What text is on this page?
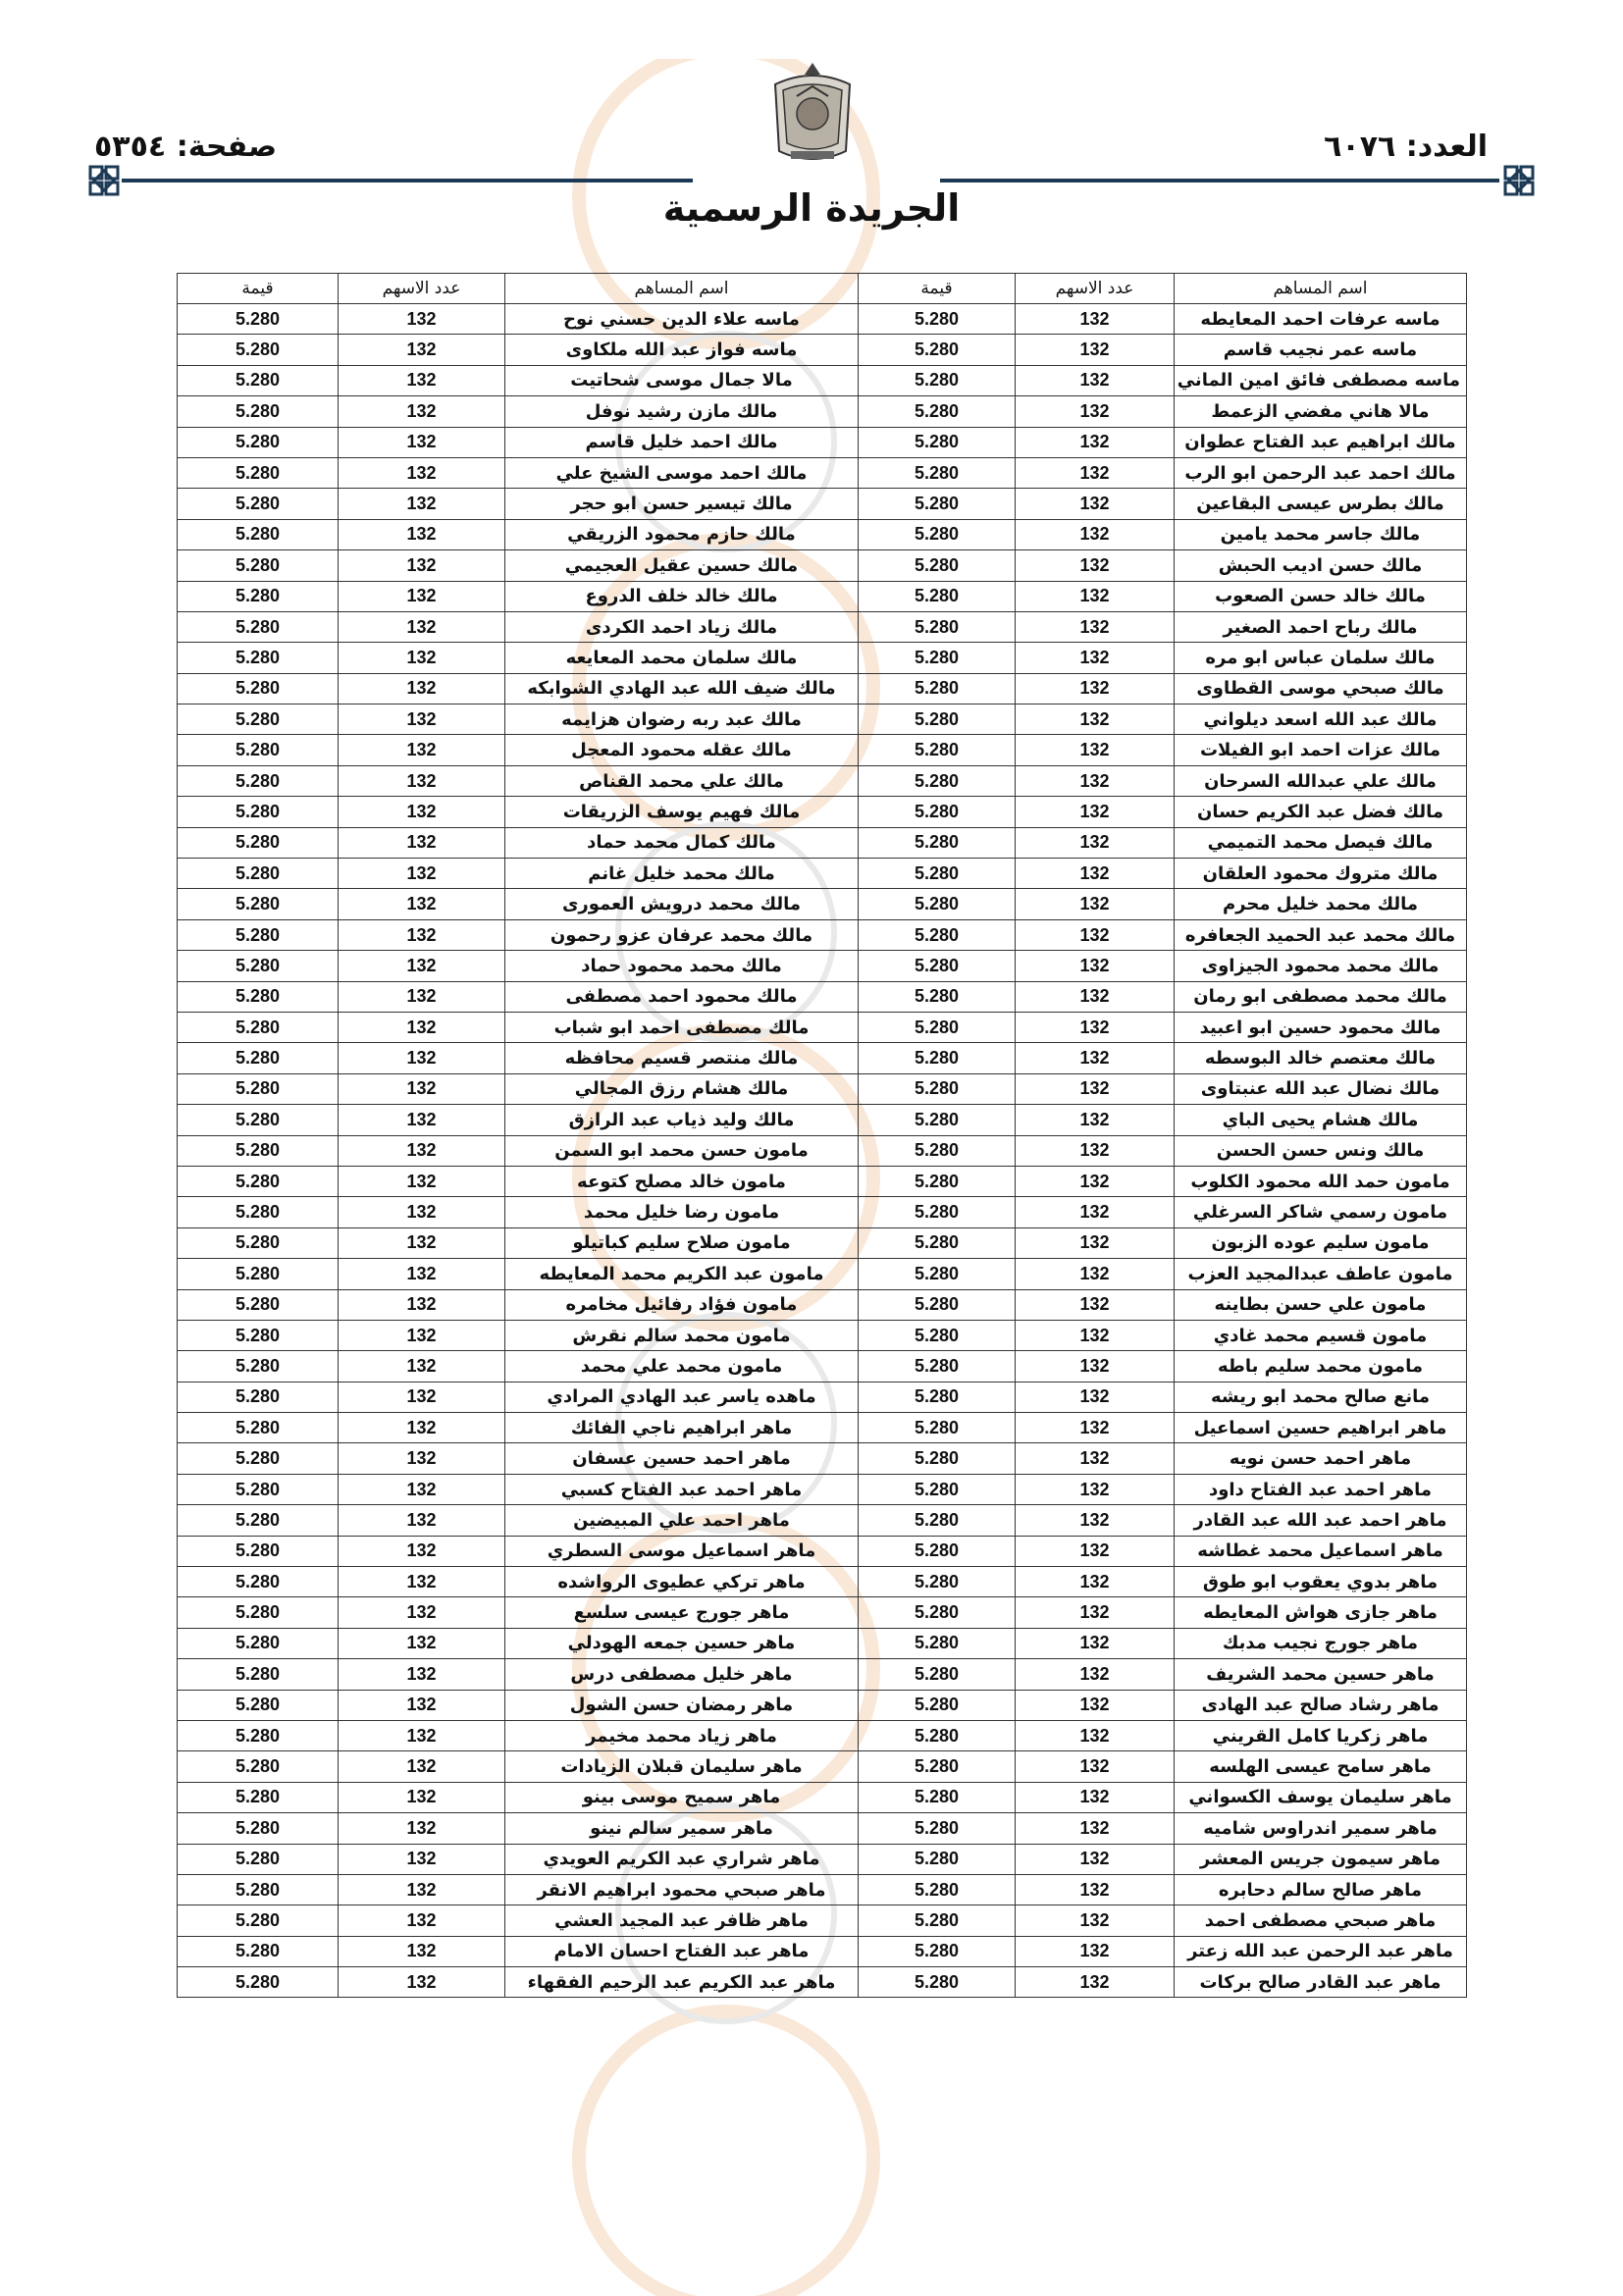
العدد: ٦٠٧٦
صفحة: ٥٣٥٤
الجريدة الرسمية
اسم المساهم	عدد الاسهم	قيمة	اسم المساهم	عدد الاسهم	قيمة
ماسه عرفات احمد المعايطه	132	5.280	ماسه علاء الدين حسني نوح	132	5.280
ماسه عمر نجيب قاسم	132	5.280	ماسه فواز عبد الله ملكاوى	132	5.280
ماسه مصطفى فائق امين الماني	132	5.280	مالا جمال موسى شحاتيت	132	5.280
مالا هاني مفضي الزعمط	132	5.280	مالك مازن رشيد نوفل	132	5.280
مالك ابراهيم عبد الفتاح عطوان	132	5.280	مالك احمد خليل قاسم	132	5.280
مالك احمد عبد الرحمن ابو الرب	132	5.280	مالك احمد موسى الشيخ علي	132	5.280
مالك بطرس عيسى البقاعين	132	5.280	مالك تيسير حسن ابو حجر	132	5.280
مالك جاسر محمد يامين	132	5.280	مالك حازم محمود الزريقي	132	5.280
مالك حسن اديب الحبش	132	5.280	مالك حسين عقيل العجيمي	132	5.280
مالك خالد حسن الصعوب	132	5.280	مالك خالد خلف الدروع	132	5.280
مالك رباح احمد الصغير	132	5.280	مالك زياد احمد الكردى	132	5.280
مالك سلمان عباس ابو مره	132	5.280	مالك سلمان محمد المعايعه	132	5.280
مالك صبحي موسى القطاوى	132	5.280	مالك ضيف الله عبد الهادي الشوابكه	132	5.280
مالك عبد الله اسعد ديلواني	132	5.280	مالك عبد ربه رضوان هزايمه	132	5.280
مالك عزات احمد ابو الفيلات	132	5.280	مالك عقله محمود المعجل	132	5.280
مالك علي عبدالله السرحان	132	5.280	مالك علي محمد القناص	132	5.280
مالك فضل عبد الكريم حسان	132	5.280	مالك فهيم يوسف الزريقات	132	5.280
مالك فيصل محمد التميمي	132	5.280	مالك كمال محمد حماد	132	5.280
مالك متروك محمود العلقان	132	5.280	مالك محمد خليل غانم	132	5.280
مالك محمد خليل محرم	132	5.280	مالك محمد درويش العمورى	132	5.280
مالك محمد عبد الحميد الجعافره	132	5.280	مالك محمد عرفان عزو رحمون	132	5.280
مالك محمد محمود الجيزاوى	132	5.280	مالك محمد محمود حماد	132	5.280
مالك محمد مصطفى ابو رمان	132	5.280	مالك محمود احمد مصطفى	132	5.280
مالك محمود حسين ابو اعبيد	132	5.280	مالك مصطفى احمد ابو شباب	132	5.280
مالك معتصم خالد البوسطه	132	5.280	مالك منتصر قسيم محافظه	132	5.280
مالك نضال عبد الله عنبتاوى	132	5.280	مالك هشام رزق المجالي	132	5.280
مالك هشام يحيى الباي	132	5.280	مالك وليد ذياب عبد الرازق	132	5.280
مالك ونس حسن الحسن	132	5.280	مامون حسن محمد ابو السمن	132	5.280
مامون حمد الله محمود الكلوب	132	5.280	مامون خالد مصلح كتوعه	132	5.280
مامون رسمي شاكر السرغلي	132	5.280	مامون رضا خليل محمد	132	5.280
مامون سليم عوده الزبون	132	5.280	مامون صلاح سليم كباتيلو	132	5.280
مامون عاطف عبدالمجيد العزب	132	5.280	مامون عبد الكريم محمد المعايطه	132	5.280
مامون علي حسن بطاينه	132	5.280	مامون فؤاد رفائيل مخامره	132	5.280
مامون قسيم محمد غادي	132	5.280	مامون محمد سالم نقرش	132	5.280
مامون محمد سليم باطه	132	5.280	مامون محمد علي محمد	132	5.280
مانع صالح محمد ابو ريشه	132	5.280	ماهده ياسر عبد الهادي المرادي	132	5.280
ماهر ابراهيم حسين اسماعيل	132	5.280	ماهر ابراهيم ناجي الفائك	132	5.280
ماهر احمد حسن نويه	132	5.280	ماهر احمد حسين عسفان	132	5.280
ماهر احمد عبد الفتاح داود	132	5.280	ماهر احمد عبد الفتاح كسبي	132	5.280
ماهر احمد عبد الله عبد القادر	132	5.280	ماهر احمد علي المبيضين	132	5.280
ماهر اسماعيل محمد غطاشه	132	5.280	ماهر اسماعيل موسى السطري	132	5.280
ماهر بدوي يعقوب ابو طوق	132	5.280	ماهر تركي عطيوى الرواشده	132	5.280
ماهر جازى هواش المعايطه	132	5.280	ماهر جورج عيسى سلسع	132	5.280
ماهر جورج نجيب مدبك	132	5.280	ماهر حسين جمعه الهودلي	132	5.280
ماهر حسين محمد الشريف	132	5.280	ماهر خليل مصطفى درس	132	5.280
ماهر رشاد صالح عبد الهادى	132	5.280	ماهر رمضان حسن الشول	132	5.280
ماهر زكريا كامل القريني	132	5.280	ماهر زياد محمد مخيمر	132	5.280
ماهر سامح عيسى الهلسه	132	5.280	ماهر سليمان قبلان الزيادات	132	5.280
ماهر سليمان يوسف الكسواني	132	5.280	ماهر سميح موسى بينو	132	5.280
ماهر سمير اندراوس شاميه	132	5.280	ماهر سمير سالم نينو	132	5.280
ماهر سيمون جريس المعشر	132	5.280	ماهر شراري عبد الكريم العويدي	132	5.280
ماهر صالح سالم دحابره	132	5.280	ماهر صبحي محمود ابراهيم الانقر	132	5.280
ماهر صبحي مصطفى احمد	132	5.280	ماهر ظافر عبد المجيد العشي	132	5.280
ماهر عبد الرحمن عبد الله زعتر	132	5.280	ماهر عبد الفتاح احسان الامام	132	5.280
ماهر عبد القادر صالح بركات	132	5.280	ماهر عبد الكريم عبد الرحيم الفقهاء	132	5.280
